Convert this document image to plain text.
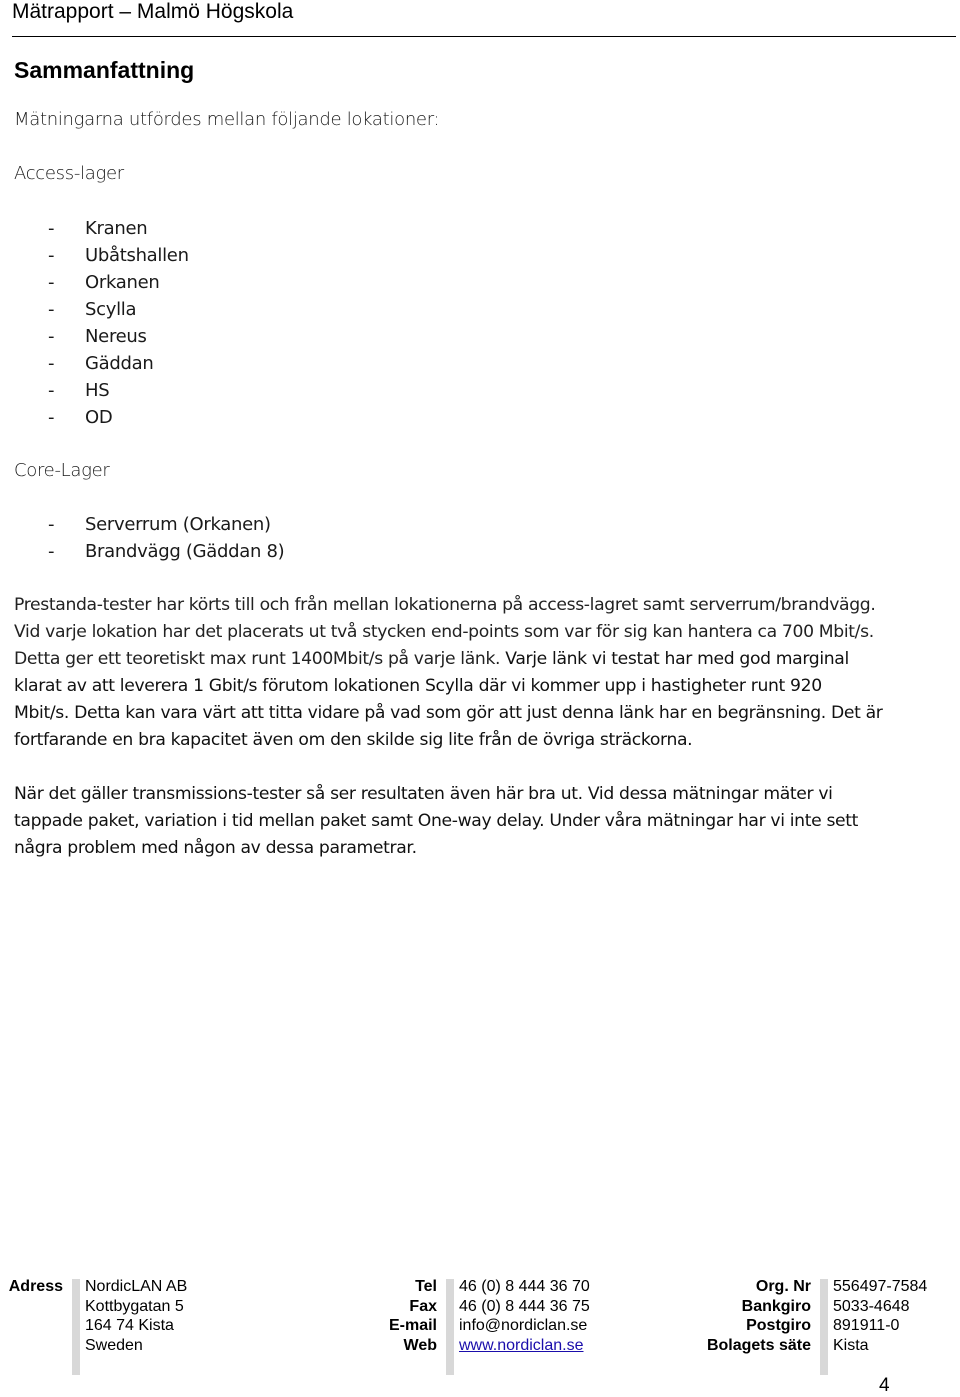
Mätrapport – Malmö Högskola
Sammanfattning
Mätningarna utfördes mellan följande lokationer:
Access-lager
- Kranen
- Ubåtshallen
- Orkanen
- Scylla
- Nereus
- Gäddan
- HS
- OD
Core-Lager
- Serverrum (Orkanen)
- Brandvägg (Gäddan 8)
Prestanda-tester har körts till och från mellan lokationerna på access-lagret samt serverrum/brandvägg.
Vid varje lokation har det placerats ut två stycken end-points som var för sig kan hantera ca 700 Mbit/s.
Detta ger ett teoretiskt max runt 1400Mbit/s på varje länk. Varje länk vi testat har med god marginal
klarat av att leverera 1 Gbit/s förutom lokationen Scylla där vi kommer upp i hastigheter runt 920
Mbit/s. Detta kan vara värt att titta vidare på vad som gör att just denna länk har en begränsning. Det är
fortfarande en bra kapacitet även om den skilde sig lite från de övriga sträckorna.
När det gäller transmissions-tester så ser resultaten även här bra ut. Vid dessa mätningar mäter vi
tappade paket, variation i tid mellan paket samt One-way delay. Under våra mätningar har vi inte sett
några problem med någon av dessa parametrar.
Adress NordicLAN AB
Kottbygatan 5
164 74 Kista
Sweden
Tel
Fax
E-mail
Web
46 (0) 8 444 36 70
46 (0) 8 444 36 75
info@nordiclan.se
www.nordiclan.se
Org. Nr
Bankgiro
Postgiro
Bolagets säte
556497-7584
5033-4648
891911-0
Kista
4
